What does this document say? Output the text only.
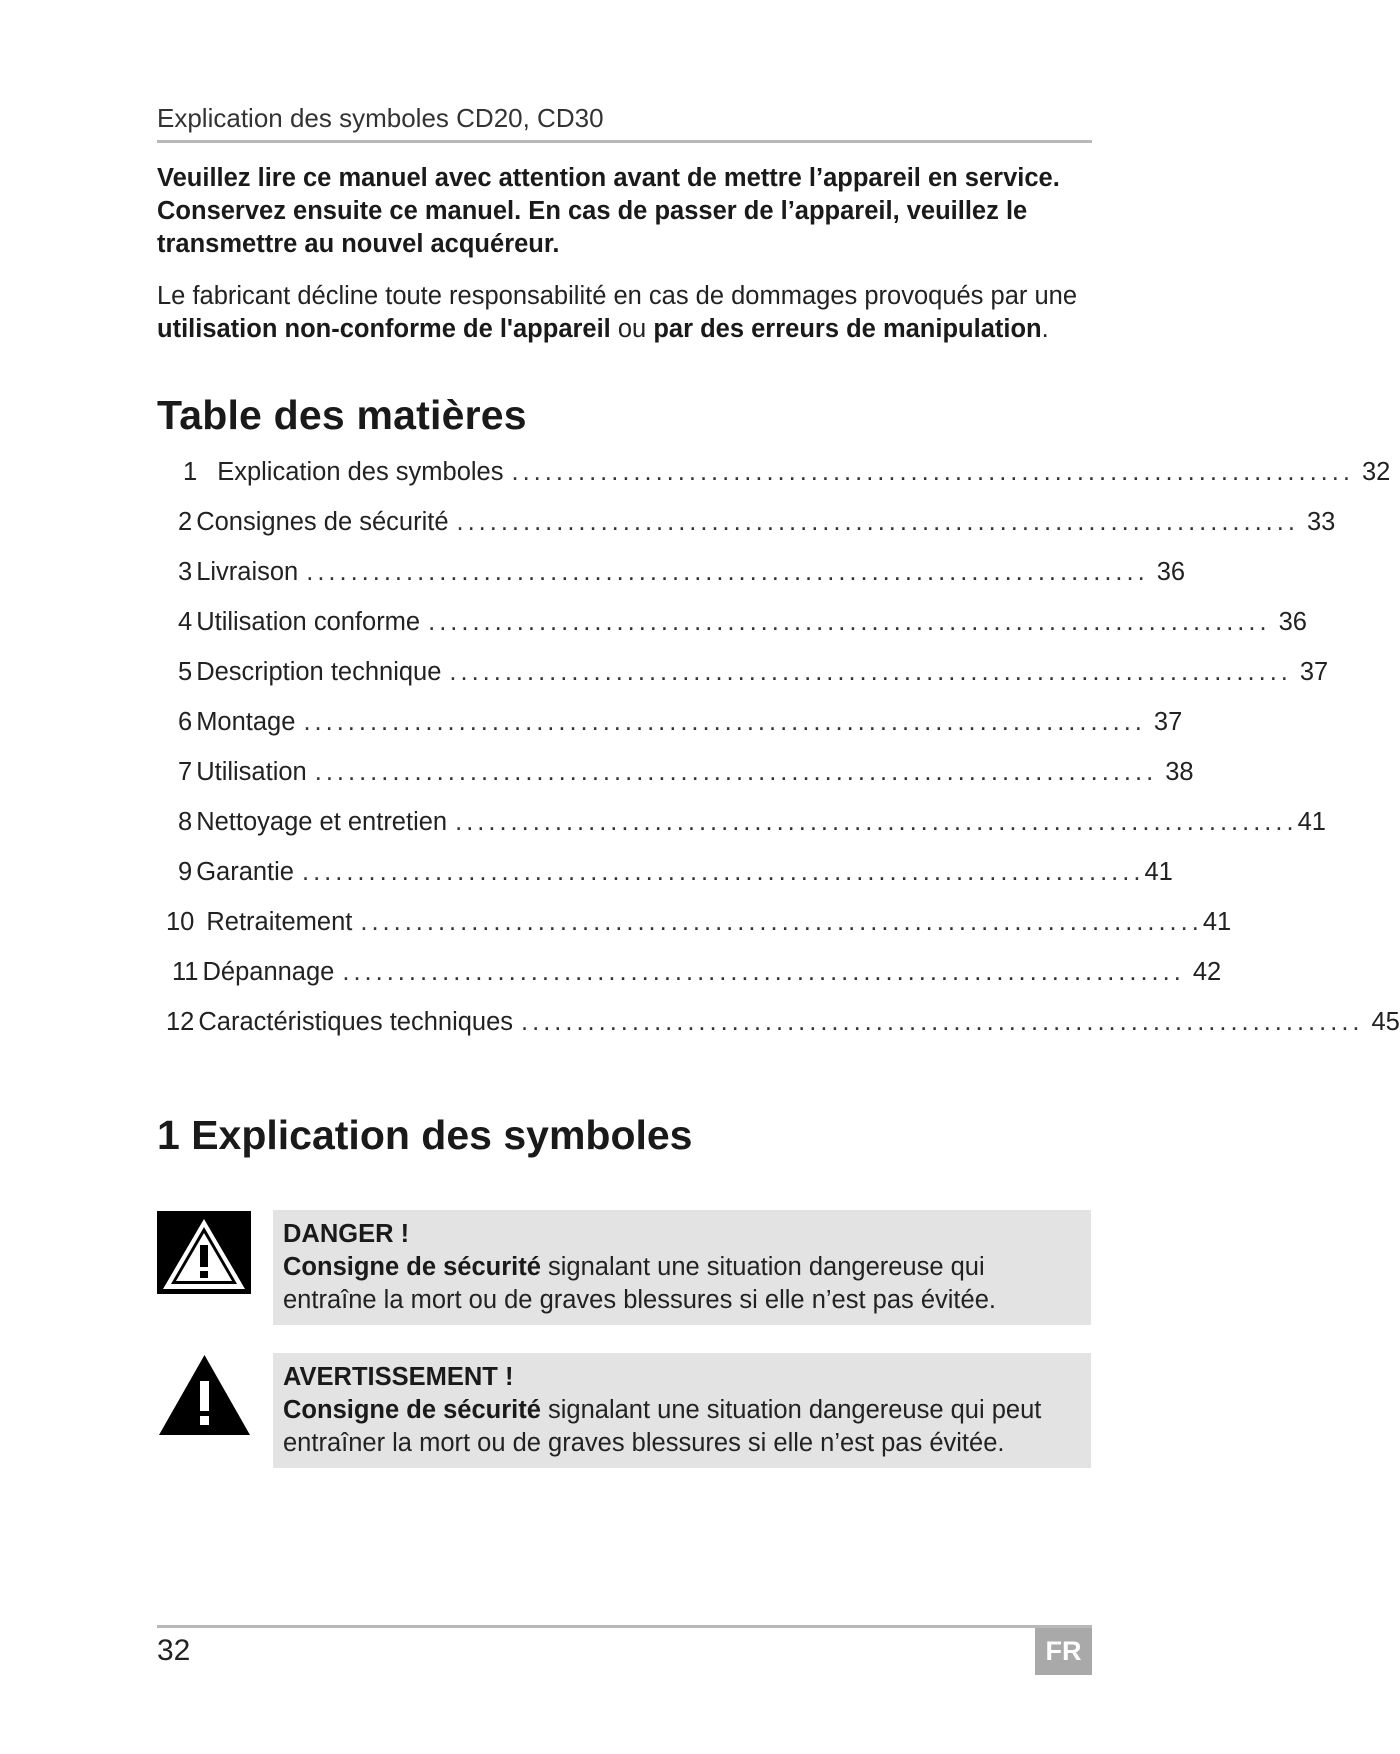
Explication des symboles CD20, CD30

Veuillez lire ce manuel avec attention avant de mettre l’appareil en service. Conservez ensuite ce manuel. En cas de passer de l’appareil, veuillez le transmettre au nouvel acquéreur.

Le fabricant décline toute responsabilité en cas de dommages provoqués par une utilisation non-conforme de l'appareil ou par des erreurs de manipulation.

Table des matières
1 Explication des symboles ............................................................................ 32
2 Consignes de sécurité ............................................................................ 33
3 Livraison ............................................................................ 36
4 Utilisation conforme ............................................................................ 36
5 Description technique ............................................................................ 37
6 Montage ............................................................................ 37
7 Utilisation ............................................................................ 38
8 Nettoyage et entretien ............................................................................ 41
9 Garantie ............................................................................ 41
10 Retraitement ............................................................................ 41
11 Dépannage ............................................................................ 42
12 Caractéristiques techniques ............................................................................ 45
1 Explication des symboles
DANGER !
Consigne de sécurité signalant une situation dangereuse qui entraîne la mort ou de graves blessures si elle n’est pas évitée.
AVERTISSEMENT !
Consigne de sécurité signalant une situation dangereuse qui peut entraîner la mort ou de graves blessures si elle n’est pas évitée.
32	FR
